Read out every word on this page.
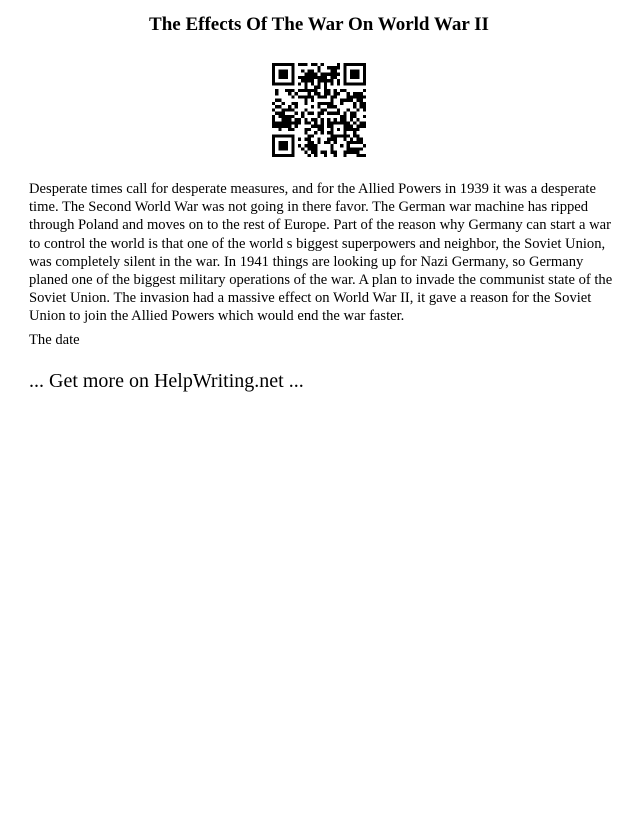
The Effects Of The War On World War II

Desperate times call for desperate measures, and for the Allied Powers in 1939 it was a desperate time. The Second World War was not going in there favor. The German war machine has ripped through Poland and moves on to the rest of Europe. Part of the reason why Germany can start a war to control the world is that one of the world s biggest superpowers and neighbor, the Soviet Union, was completely silent in the war. In 1941 things are looking up for Nazi Germany, so Germany planed one of the biggest military operations of the war. A plan to invade the communist state of the Soviet Union. The invasion had a massive effect on World War II, it gave a reason for the Soviet Union to join the Allied Powers which would end the war faster.

The date

... Get more on HelpWriting.net ...
